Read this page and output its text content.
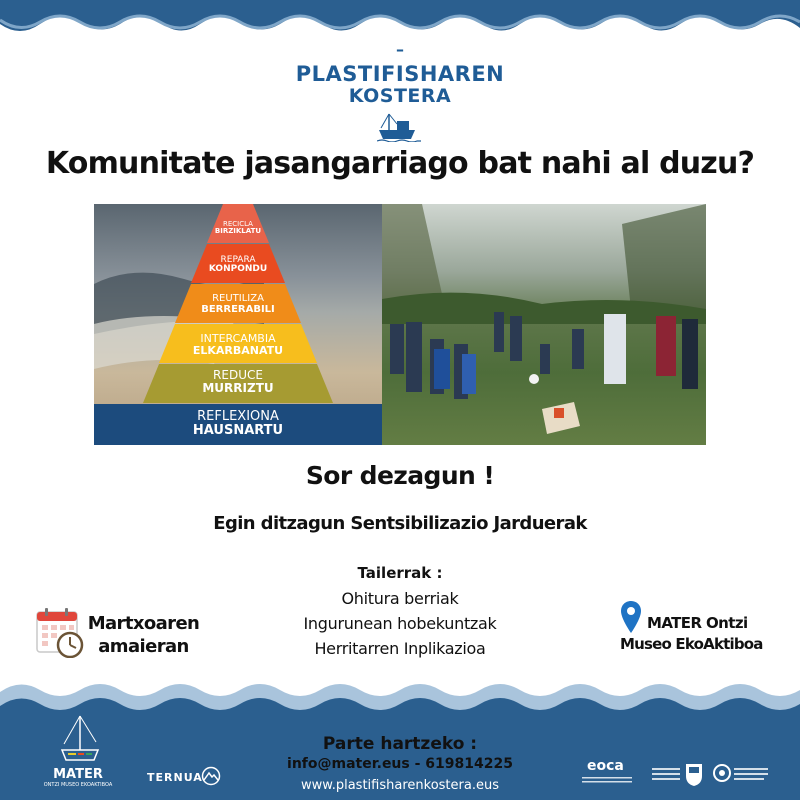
–
PLASTIFISHAREN
KOSTERA
Komunitate jasangarriago bat nahi al duzu?
RECICLA
BIRZIKLATU
REPARA
KONPONDU
REUTILIZA
BERRERABILI
INTERCAMBIA
ELKARBANATU
REDUCE
MURRIZTU
REFLEXIONA
HAUSNARTU
Sor dezagun !
Egin ditzagun Sentsibilizazio Jarduerak
Tailerrak :
Ohitura berriak
Ingurunean hobekuntzak
Herritarren Inplikazioa
Martxoaren
amaieran
MATER Ontzi
Museo EkoAktiboa
Parte hartzeko :
info@mater.eus - 619814225
www.plastifisharenkostera.eus
MATER
ONTZI MUSEO EKOAKTIBOA
TERNUA
eoca
